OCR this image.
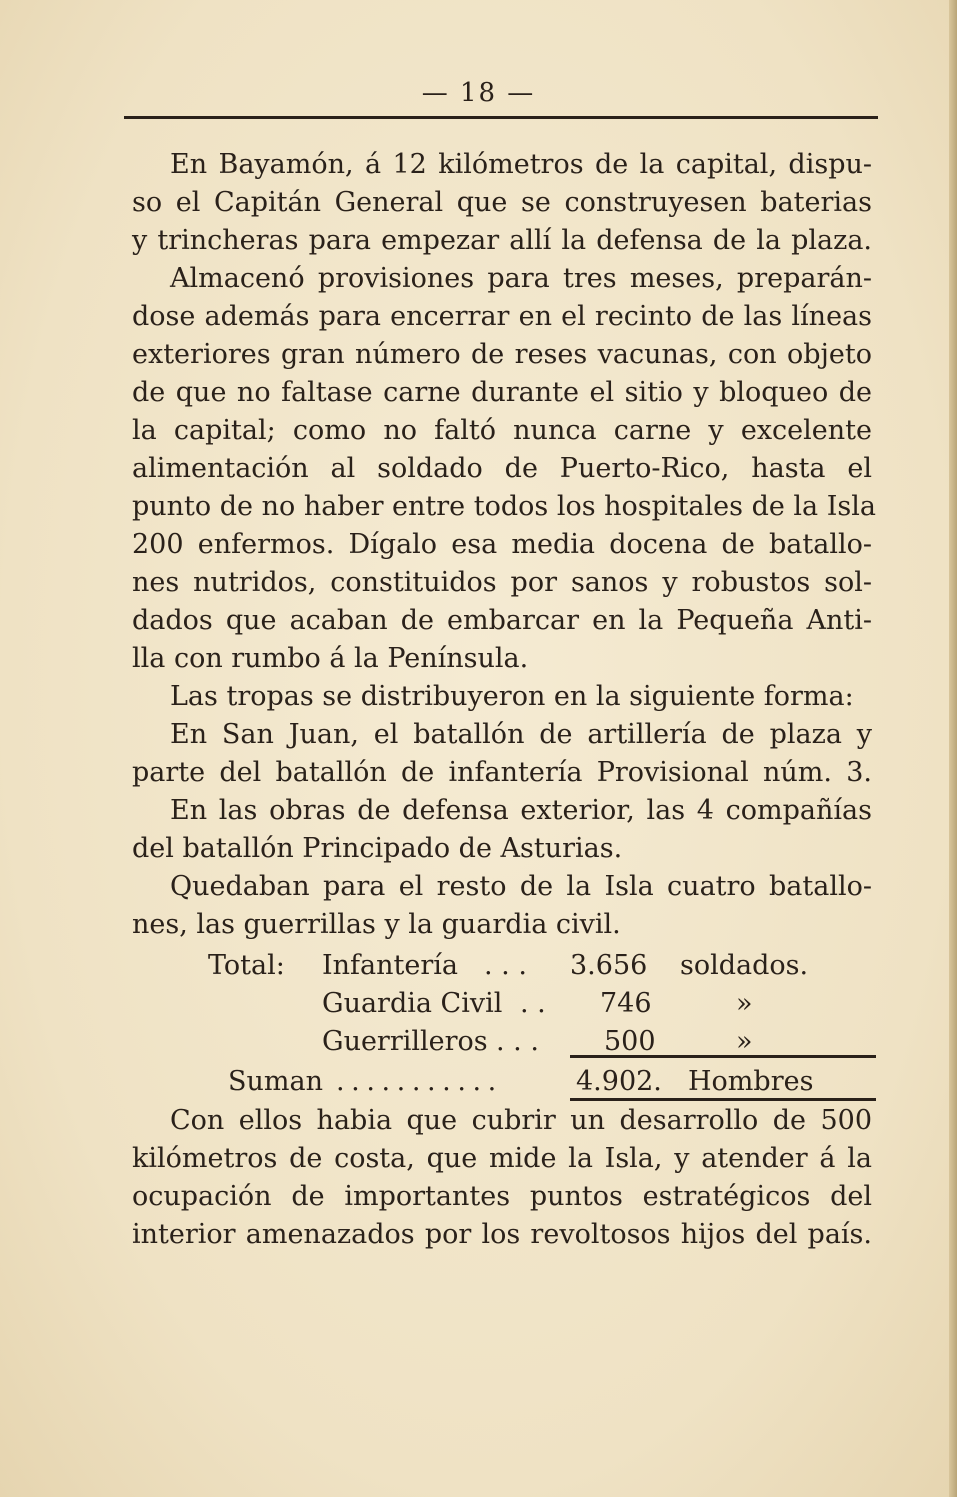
— 18 —
En Bayamón, á 12 kilómetros de la capital, dispu-
so el Capitán General que se construyesen baterias
y trincheras para empezar allí la defensa de la plaza.
Almacenó provisiones para tres meses, preparán-
dose además para encerrar en el recinto de las líneas
exteriores gran número de reses vacunas, con objeto
de que no faltase carne durante el sitio y bloqueo de
la capital; como no faltó nunca carne y excelente
alimentación al soldado de Puerto-Rico, hasta el
punto de no haber entre todos los hospitales de la Isla
200 enfermos. Dígalo esa media docena de batallo-
nes nutridos, constituidos por sanos y robustos sol-
dados que acaban de embarcar en la Pequeña Anti-
lla con rumbo á la Península.
Las tropas se distribuyeron en la siguiente forma:
En San Juan, el batallón de artillería de plaza y
parte del batallón de infantería Provisional núm. 3.
En las obras de defensa exterior, las 4 compañías
del batallón Principado de Asturias.
Quedaban para el resto de la Isla cuatro batallo-
nes, las guerrillas y la guardia civil.
Total: Infantería . . . 3.656 soldados.
Guardia Civil . . 746	»
Guerrilleros . . . 500	»
Suman . . . . . . . . . . .	4.902. Hombres
Con ellos habia que cubrir un desarrollo de 500
kilómetros de costa, que mide la Isla, y atender á la
ocupación de importantes puntos estratégicos del
interior amenazados por los revoltosos hijos del país.
